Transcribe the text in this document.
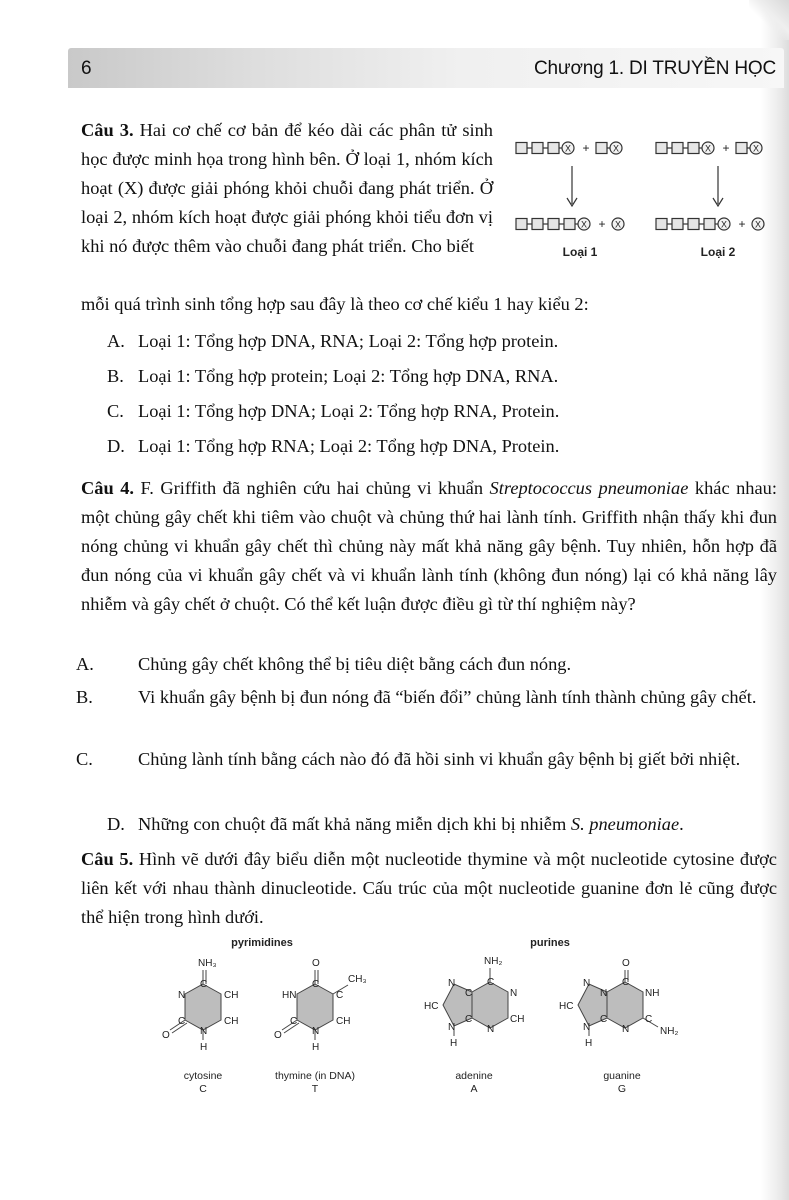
6	Chương 1. DI TRUYỀN HỌC
Câu 3. Hai cơ chế cơ bản để kéo dài các phân tử sinh học được minh họa trong hình bên. Ở loại 1, nhóm kích hoạt (X) được giải phóng khỏi chuỗi đang phát triển. Ở loại 2, nhóm kích hoạt được giải phóng khỏi tiểu đơn vị khi nó được thêm vào chuỗi đang phát triển. Cho biết
X +	X
X + X
X +	X
X + X
Loại 1	Loại 2
mỗi quá trình sinh tổng hợp sau đây là theo cơ chế kiểu 1 hay kiểu 2:
A. Loại 1: Tổng hợp DNA, RNA; Loại 2: Tổng hợp protein.
B. Loại 1: Tổng hợp protein; Loại 2: Tổng hợp DNA, RNA.
C. Loại 1: Tổng hợp DNA; Loại 2: Tổng hợp RNA, Protein.
D. Loại 1: Tổng hợp RNA; Loại 2: Tổng hợp DNA, Protein.
Câu 4. F. Griffith đã nghiên cứu hai chủng vi khuẩn Streptococcus pneumoniae khác nhau: một chủng gây chết khi tiêm vào chuột và chủng thứ hai lành tính. Griffith nhận thấy khi đun nóng chủng vi khuẩn gây chết thì chủng này mất khả năng gây bệnh. Tuy nhiên, hỗn hợp đã đun nóng của vi khuẩn gây chết và vi khuẩn lành tính (không đun nóng) lại có khả năng lây nhiễm và gây chết ở chuột. Có thể kết luận được điều gì từ thí nghiệm này?
A. Chủng gây chết không thể bị tiêu diệt bằng cách đun nóng.
B. Vi khuẩn gây bệnh bị đun nóng đã “biến đổi” chủng lành tính thành chủng gây chết.
C. Chủng lành tính bằng cách nào đó đã hồi sinh vi khuẩn gây bệnh bị giết bởi nhiệt.
D. Những con chuột đã mất khả năng miễn dịch khi bị nhiễm S. pneumoniae.
Câu 5. Hình vẽ dưới đây biểu diễn một nucleotide thymine và một nucleotide cytosine được liên kết với nhau thành dinucleotide. Cấu trúc của một nucleotide guanine đơn lẻ cũng được thể hiện trong hình dưới.
pyrimidines	purines
NH₃
C
N	CH
C	CH
N
O
H
O
C
HN	C
CH₃
C	CH
N
O
H
NH₂
C
N
C	N
HC
N
C	CH
N
H
O
C
N
N	NH
HC
N
C	C
N	NH₂
H
cytosine
C
thymine (in DNA)
T
adenine
A
guanine
G
